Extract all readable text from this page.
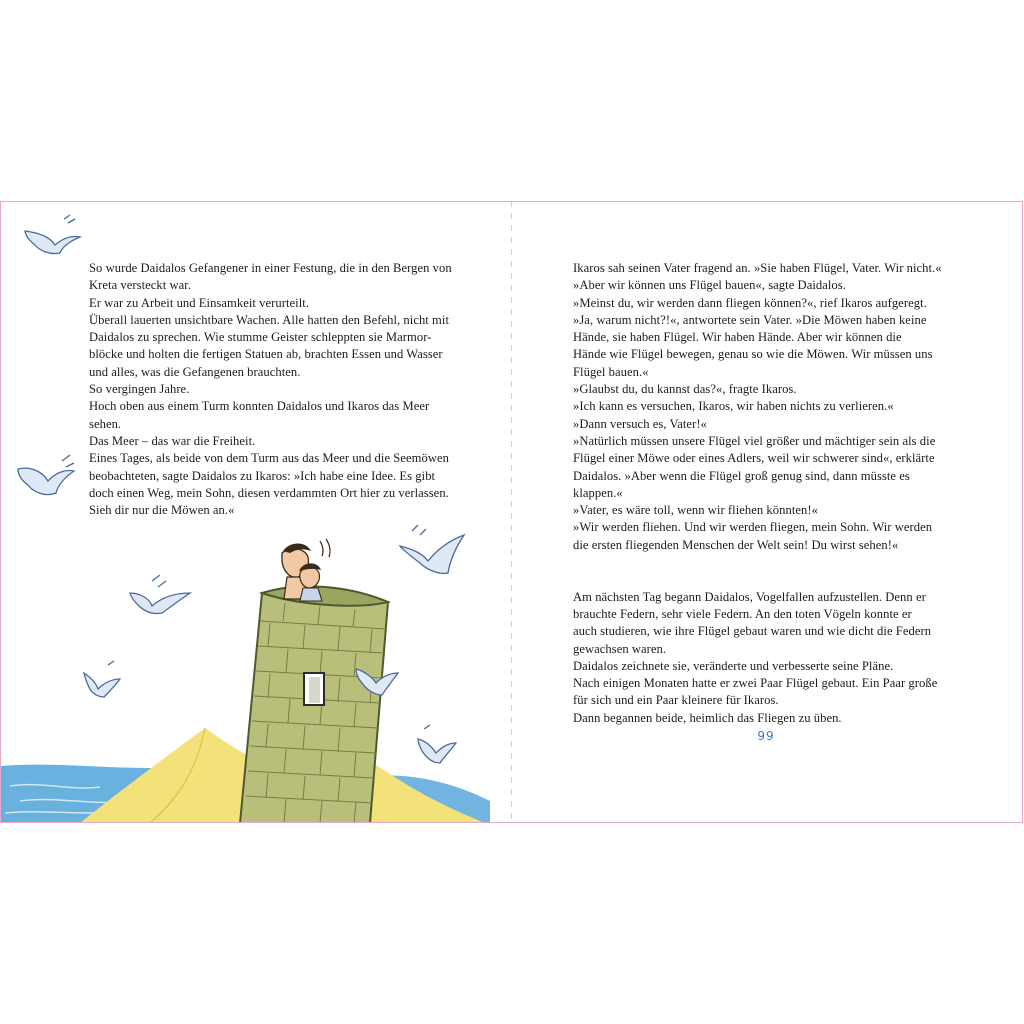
So wurde Daidalos Gefangener in einer Festung, die in den Bergen von

Kreta versteckt war.

Er war zu Arbeit und Einsamkeit verurteilt.

Überall lauerten unsichtbare Wachen. Alle hatten den Befehl, nicht mit

Daidalos zu sprechen. Wie stumme Geister schleppten sie Marmor-

blöcke und holten die fertigen Statuen ab, brachten Essen und Wasser

und alles, was die Gefangenen brauchten.

So vergingen Jahre.

Hoch oben aus einem Turm konnten Daidalos und Ikaros das Meer

sehen.

Das Meer – das war die Freiheit.

Eines Tages, als beide von dem Turm aus das Meer und die Seemöwen

beobachteten, sagte Daidalos zu Ikaros: »Ich habe eine Idee. Es gibt

doch einen Weg, mein Sohn, diesen verdammten Ort hier zu verlassen.

Sieh dir nur die Möwen an.«

Ikaros sah seinen Vater fragend an. »Sie haben Flügel, Vater. Wir nicht.«

»Aber wir können uns Flügel bauen«, sagte Daidalos.

»Meinst du, wir werden dann fliegen können?«, rief Ikaros aufgeregt.

»Ja, warum nicht?!«, antwortete sein Vater. »Die Möwen haben keine

Hände, sie haben Flügel. Wir haben Hände. Aber wir können die

Hände wie Flügel bewegen, genau so wie die Möwen. Wir müssen uns

Flügel bauen.«

»Glaubst du, du kannst das?«, fragte Ikaros.

»Ich kann es versuchen, Ikaros, wir haben nichts zu verlieren.«

»Dann versuch es, Vater!«

»Natürlich müssen unsere Flügel viel größer und mächtiger sein als die

Flügel einer Möwe oder eines Adlers, weil wir schwerer sind«, erklärte

Daidalos. »Aber wenn die Flügel groß genug sind, dann müsste es

klappen.«

»Vater, es wäre toll, wenn wir fliehen könnten!«

»Wir werden fliehen. Und wir werden fliegen, mein Sohn. Wir werden

die ersten fliegenden Menschen der Welt sein! Du wirst sehen!«

Am nächsten Tag begann Daidalos, Vogelfallen aufzustellen. Denn er

brauchte Federn, sehr viele Federn. An den toten Vögeln konnte er

auch studieren, wie ihre Flügel gebaut waren und wie dicht die Federn

gewachsen waren.

Daidalos zeichnete sie, veränderte und verbesserte seine Pläne.

Nach einigen Monaten hatte er zwei Paar Flügel gebaut. Ein Paar große

für sich und ein Paar kleinere für Ikaros.

Dann begannen beide, heimlich das Fliegen zu üben.

99
